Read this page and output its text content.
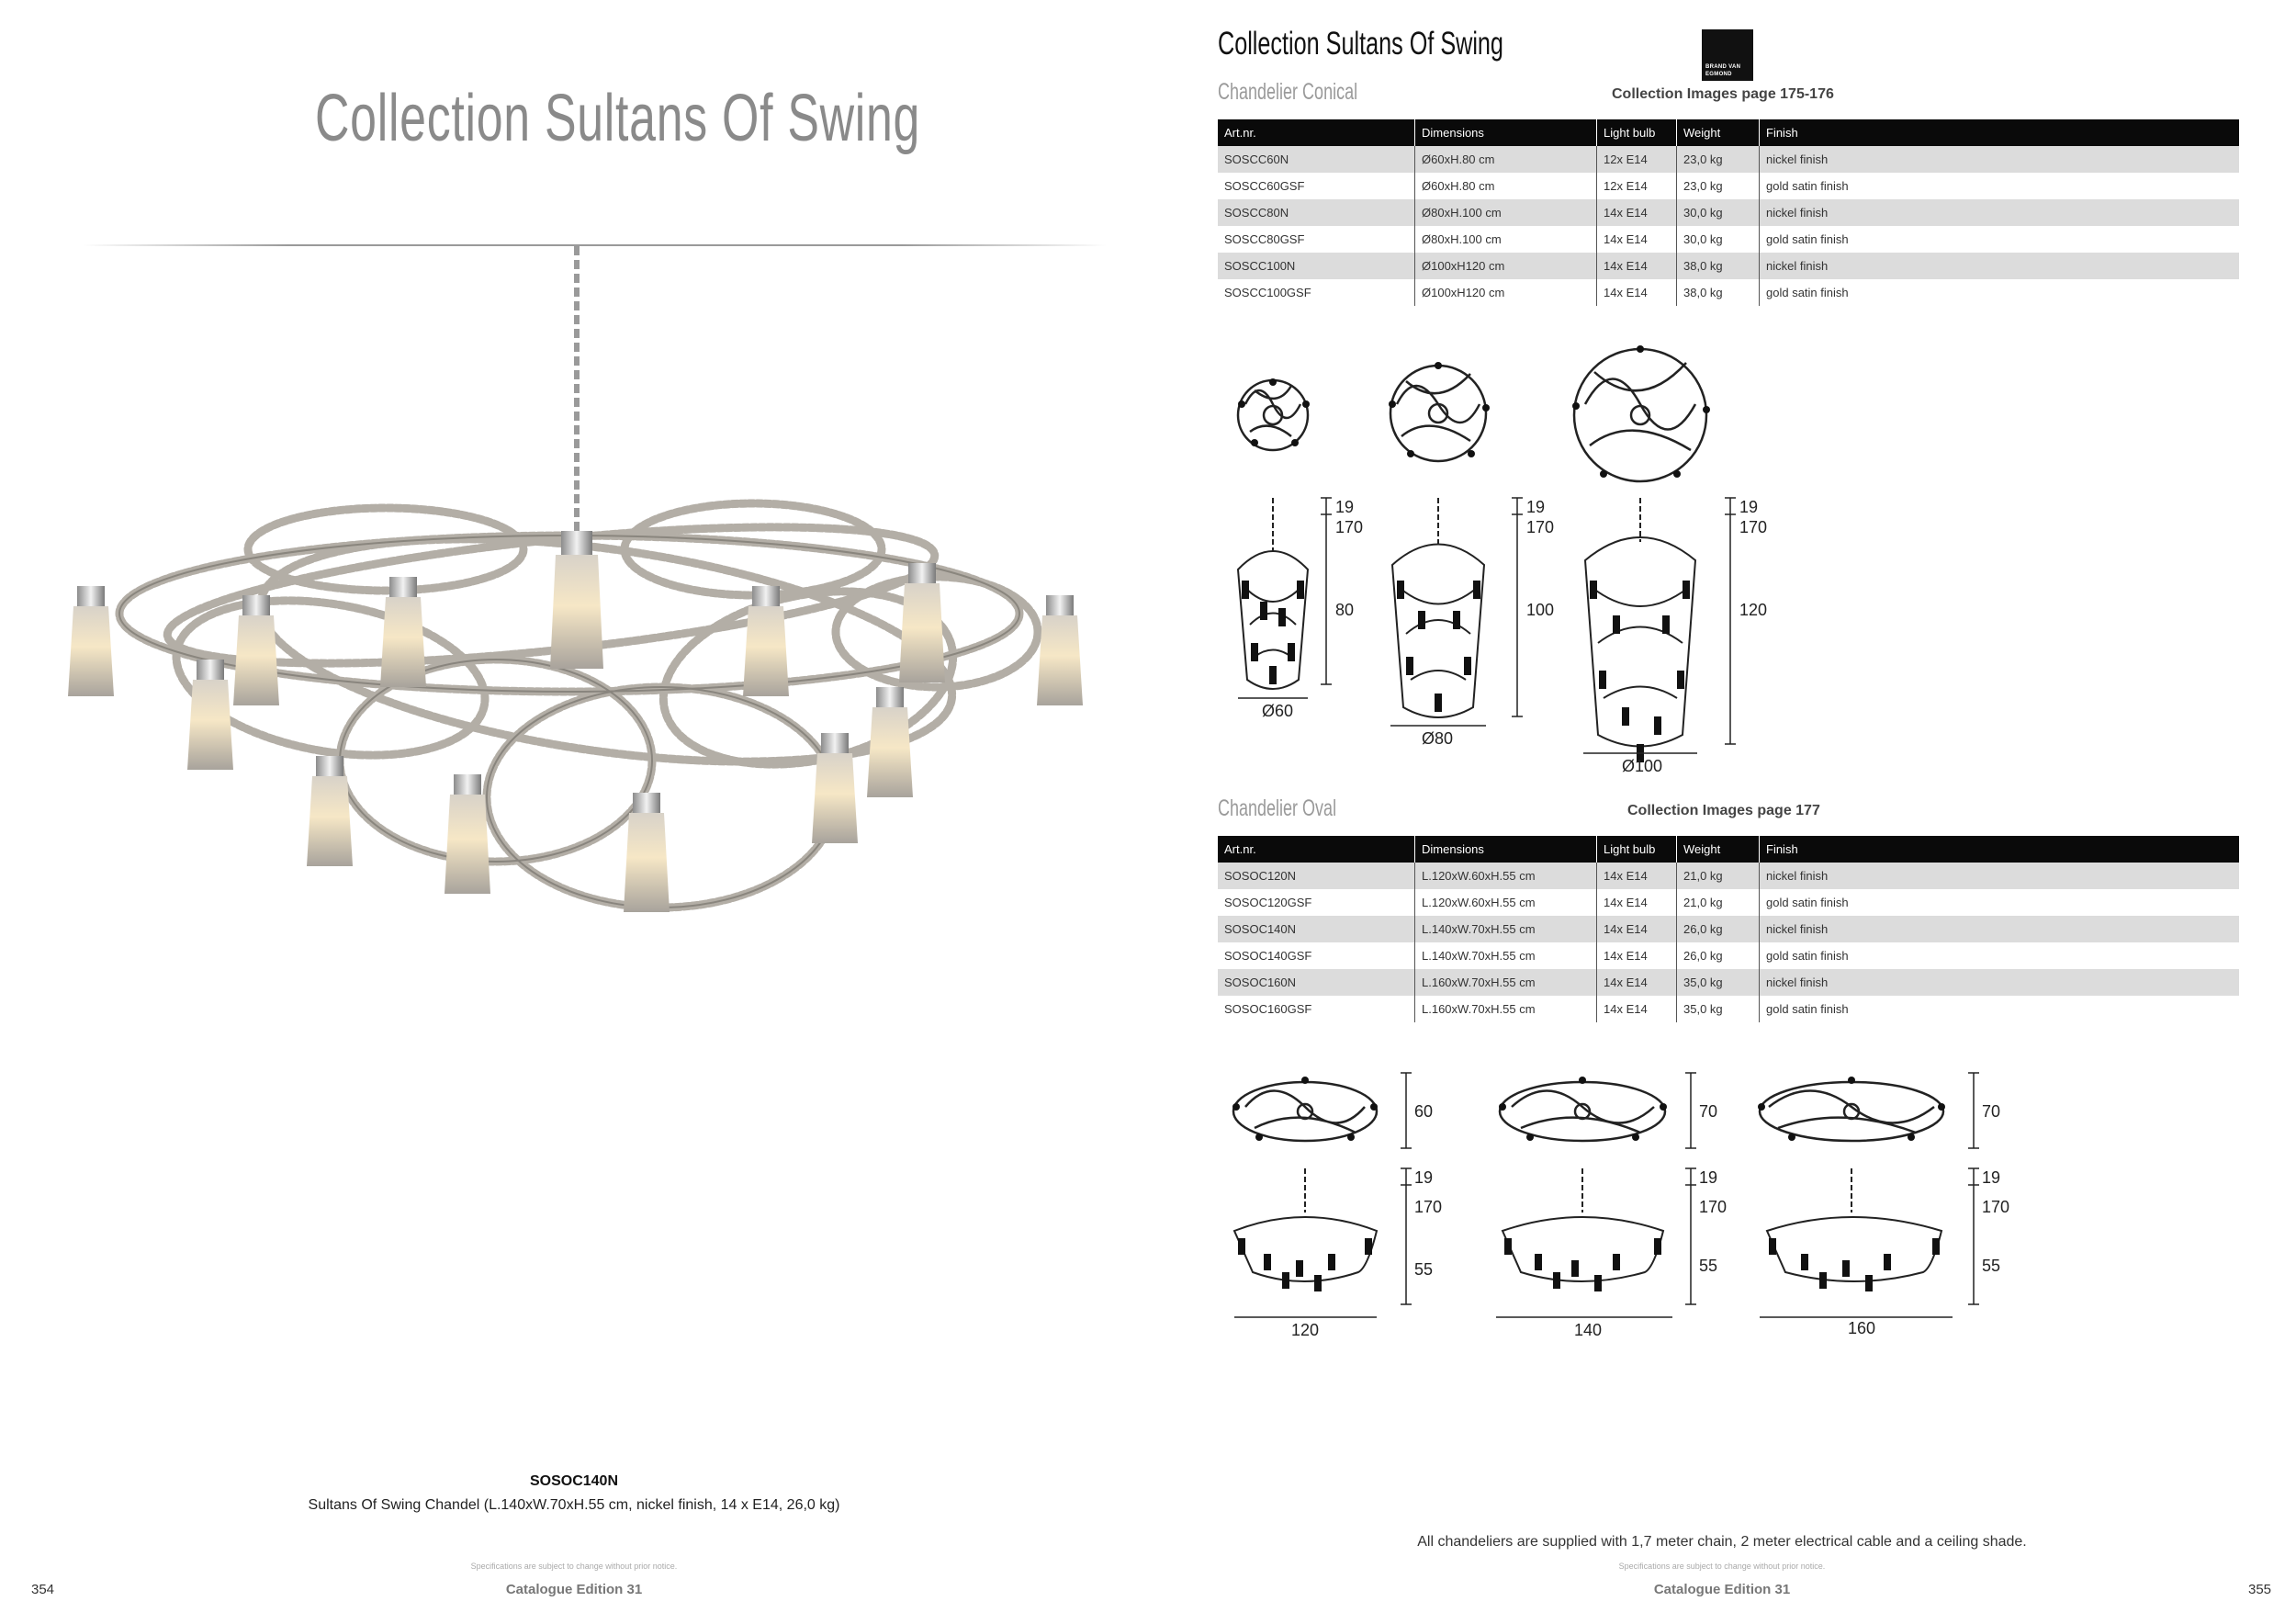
Collection Sultans Of Swing
SOSOC140N
Sultans Of Swing Chandel (L.140xW.70xH.55 cm, nickel finish, 14 x E14, 26,0 kg)
Specifications are subject to change without prior notice.
Catalogue Edition 31
354
Collection Sultans Of Swing
BRAND VAN
EGMOND
Chandelier Conical	Collection Images page 175-176
Art.nr.	Dimensions	Light bulb	Weight	Finish
SOSCC60N	Ø60xH.80 cm	12x E14	23,0 kg	nickel finish
SOSCC60GSF	Ø60xH.80 cm	12x E14	23,0 kg	gold satin finish
SOSCC80N	Ø80xH.100 cm	14x E14	30,0 kg	nickel finish
SOSCC80GSF	Ø80xH.100 cm	14x E14	30,0 kg	gold satin finish
SOSCC100N	Ø100xH120 cm	14x E14	38,0 kg	nickel finish
SOSCC100GSF	Ø100xH120 cm	14x E14	38,0 kg	gold satin finish
19
170
80
Ø60
19
170
100
Ø80
19
170
120
Ø100
Chandelier Oval	Collection Images page 177
Art.nr.	Dimensions	Light bulb	Weight	Finish
SOSOC120N	L.120xW.60xH.55 cm	14x E14	21,0 kg	nickel finish
SOSOC120GSF	L.120xW.60xH.55 cm	14x E14	21,0 kg	gold satin finish
SOSOC140N	L.140xW.70xH.55 cm	14x E14	26,0 kg	nickel finish
SOSOC140GSF	L.140xW.70xH.55 cm	14x E14	26,0 kg	gold satin finish
SOSOC160N	L.160xW.70xH.55 cm	14x E14	35,0 kg	nickel finish
SOSOC160GSF	L.160xW.70xH.55 cm	14x E14	35,0 kg	gold satin finish
60
19
170
55
120
70
19
170
55
140
70
19
170
55
160
All chandeliers are supplied with 1,7 meter chain, 2 meter electrical cable and a ceiling shade.
Specifications are subject to change without prior notice.
Catalogue Edition 31	355
